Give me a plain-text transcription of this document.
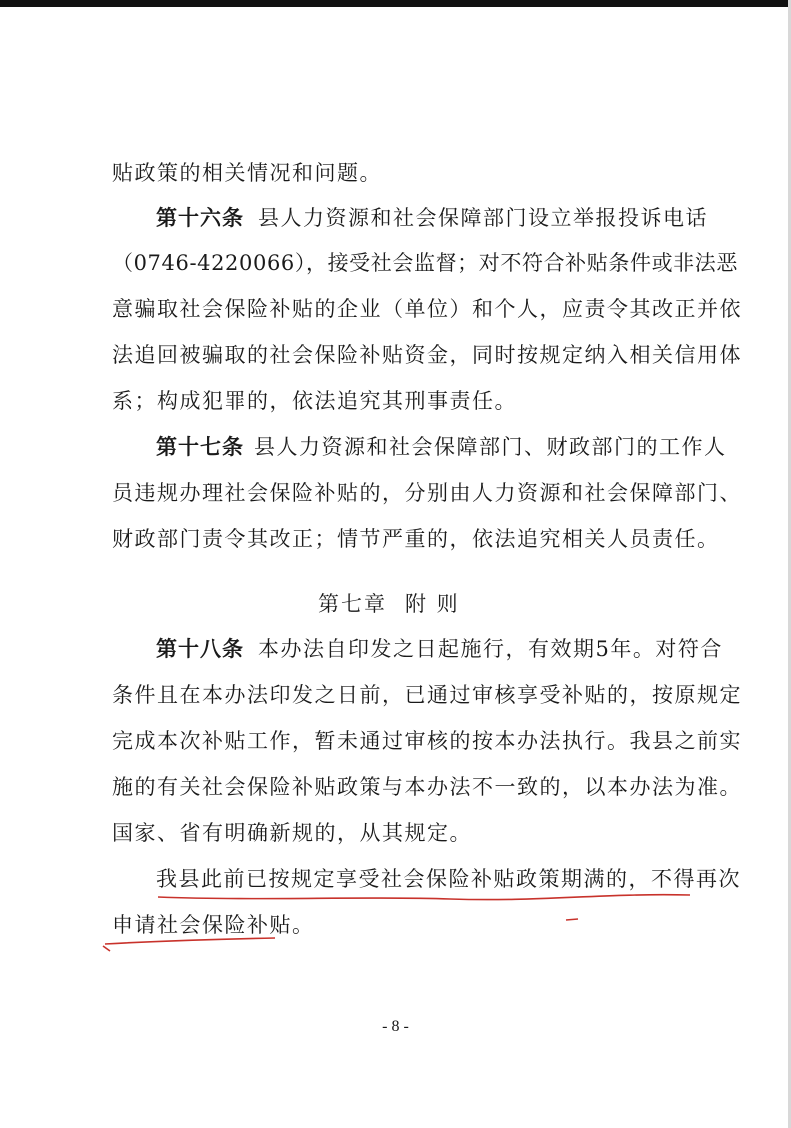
贴政策的相关情况和问题。
第十六条 县人力资源和社会保障部门设立举报投诉电话
（0746-4220066），接受社会监督；对不符合补贴条件或非法恶
意骗取社会保险补贴的企业（单位）和个人，应责令其改正并依
法追回被骗取的社会保险补贴资金，同时按规定纳入相关信用体
系；构成犯罪的，依法追究其刑事责任。
第十七条 县人力资源和社会保障部门、财政部门的工作人
员违规办理社会保险补贴的，分别由人力资源和社会保障部门、
财政部门责令其改正；情节严重的，依法追究相关人员责任。
第七章 附 则
第十八条 本办法自印发之日起施行，有效期5年。对符合
条件且在本办法印发之日前，已通过审核享受补贴的，按原规定
完成本次补贴工作，暂未通过审核的按本办法执行。我县之前实
施的有关社会保险补贴政策与本办法不一致的，以本办法为准。
国家、省有明确新规的，从其规定。
我县此前已按规定享受社会保险补贴政策期满的，不得再次
申请社会保险补贴。
- 8 -
